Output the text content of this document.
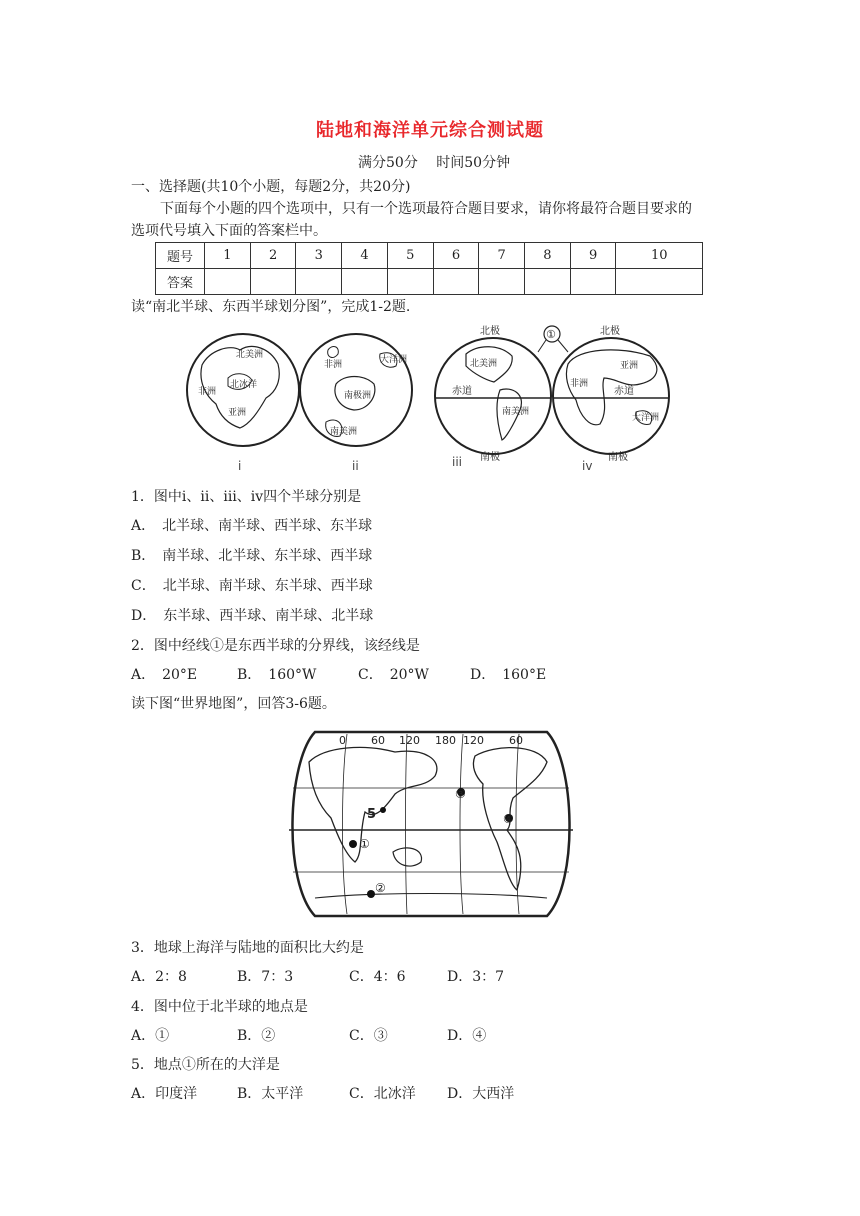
陆地和海洋单元综合测试题
满分50分　 时间50分钟
一、选择题(共10个小题，每题2分，共20分)
下面每个小题的四个选项中，只有一个选项最符合题目要求，请你将最符合题目要求的
选项代号填入下面的答案栏中。
题号	1	2	3	4	5	6	7	8	9	10
答案										
读“南北半球、东西半球划分图”，完成1-2题.
北美洲
北冰洋
非洲
亚洲
非洲	大洋洲
南极洲
南美洲
北极
北美洲
赤道
南美洲
南极
①	北极
亚洲
非洲
赤道
大洋洲
南极
i	ii	iii	iv
1．图中ⅰ、ⅱ、ⅲ、ⅳ四个半球分别是
A．　北半球、南半球、西半球、东半球
B．　南半球、北半球、东半球、西半球
C．　北半球、南半球、东半球、西半球
D．　东半球、西半球、南半球、北半球
2．图中经线①是东西半球的分界线，该经线是
A．　20°E	B．　160°W	C．　20°W	D．　160°E
读下图“世界地图”，回答3-6题。
0 60 120 180 120 60
①
②
③
④
5
3．地球上海洋与陆地的面积比大约是
A．2：8	B．7：3	C．4：6	D．3：7
4．图中位于北半球的地点是
A．①	B．②	C．③	D．④
5．地点①所在的大洋是
A．印度洋	B．太平洋	C．北冰洋 D．大西洋
